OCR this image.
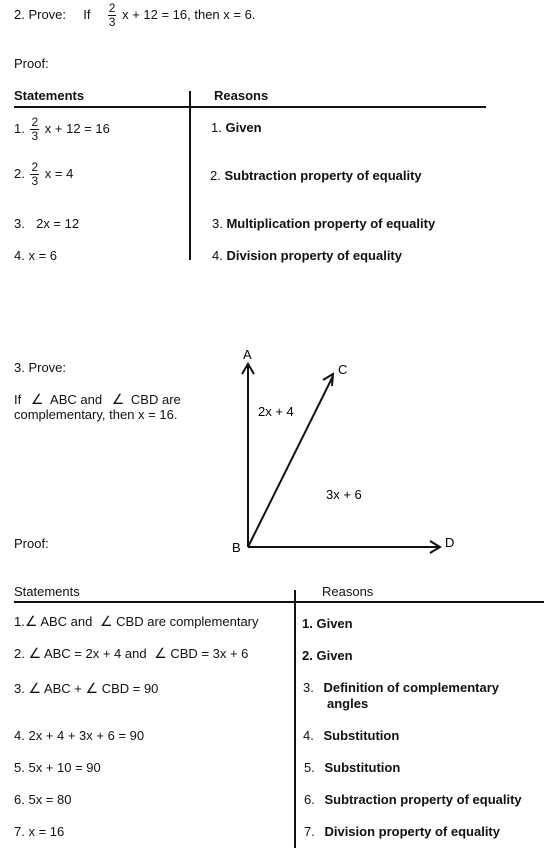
2. Prove: If $\frac{2}{3}$ x + 12 = 16, then x = 6.
Proof:
Statements	Reasons
1. $\frac{2}{3}$ x + 12 = 16	1. Given
2. $\frac{2}{3}$ x = 4	2. Subtraction property of equality
3. 2x = 12	3. Multiplication property of equality
4. x = 6	4. Division property of equality
3. Prove:
If ∠ ABC and ∠ CBD are
complementary, then x = 16.
Proof:
A
C
B	D
2x + 4
3x + 6
Statements	Reasons
1.∠ ABC and ∠ CBD are complementary	1. Given
2. ∠ ABC = 2x + 4 and ∠ CBD = 3x + 6	2. Given
3. ∠ ABC + ∠ CBD = 90	3. Definition of complementary
angles
4. 2x + 4 + 3x + 6 = 90	4. Substitution
5. 5x + 10 = 90	5. Substitution
6. 5x = 80	6. Subtraction property of equality
7. x = 16	7. Division property of equality
